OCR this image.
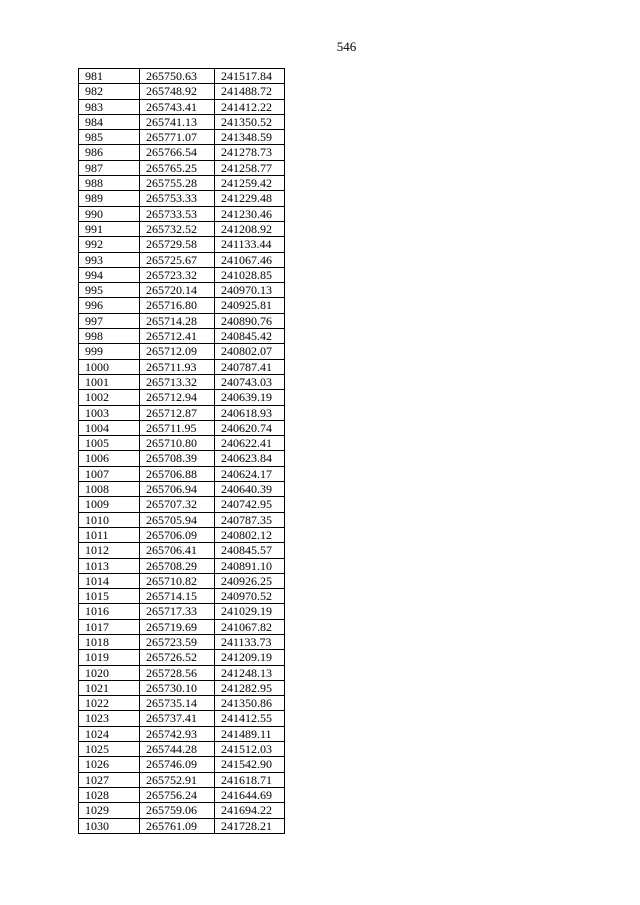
546
981	265750.63	241517.84
982	265748.92	241488.72
983	265743.41	241412.22
984	265741.13	241350.52
985	265771.07	241348.59
986	265766.54	241278.73
987	265765.25	241258.77
988	265755.28	241259.42
989	265753.33	241229.48
990	265733.53	241230.46
991	265732.52	241208.92
992	265729.58	241133.44
993	265725.67	241067.46
994	265723.32	241028.85
995	265720.14	240970.13
996	265716.80	240925.81
997	265714.28	240890.76
998	265712.41	240845.42
999	265712.09	240802.07
1000	265711.93	240787.41
1001	265713.32	240743.03
1002	265712.94	240639.19
1003	265712.87	240618.93
1004	265711.95	240620.74
1005	265710.80	240622.41
1006	265708.39	240623.84
1007	265706.88	240624.17
1008	265706.94	240640.39
1009	265707.32	240742.95
1010	265705.94	240787.35
1011	265706.09	240802.12
1012	265706.41	240845.57
1013	265708.29	240891.10
1014	265710.82	240926.25
1015	265714.15	240970.52
1016	265717.33	241029.19
1017	265719.69	241067.82
1018	265723.59	241133.73
1019	265726.52	241209.19
1020	265728.56	241248.13
1021	265730.10	241282.95
1022	265735.14	241350.86
1023	265737.41	241412.55
1024	265742.93	241489.11
1025	265744.28	241512.03
1026	265746.09	241542.90
1027	265752.91	241618.71
1028	265756.24	241644.69
1029	265759.06	241694.22
1030	265761.09	241728.21
